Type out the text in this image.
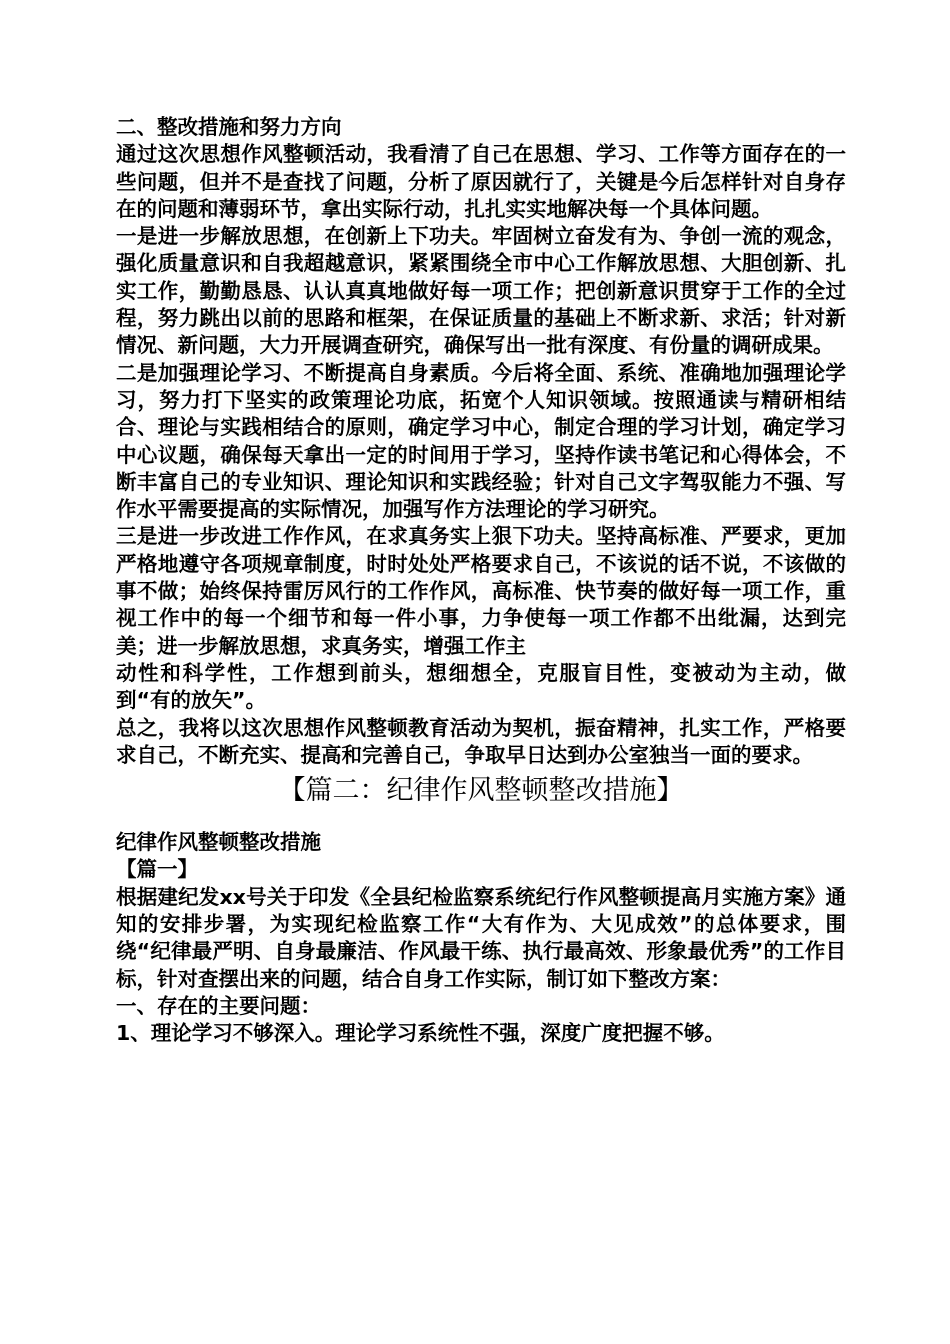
二、整改措施和努力方向

通过这次思想作风整顿活动，我看清了自己在思想、学习、工作等方面存在的一些问题，但并不是查找了问题，分析了原因就行了，关键是今后怎样针对自身存在的问题和薄弱环节，拿出实际行动，扎扎实实地解决每一个具体问题。

一是进一步解放思想，在创新上下功夫。牢固树立奋发有为、争创一流的观念，强化质量意识和自我超越意识，紧紧围绕全市中心工作解放思想、大胆创新、扎实工作，勤勤恳恳、认认真真地做好每一项工作；把创新意识贯穿于工作的全过程，努力跳出以前的思路和框架，在保证质量的基础上不断求新、求活；针对新情况、新问题，大力开展调查研究，确保写出一批有深度、有份量的调研成果。

二是加强理论学习、不断提高自身素质。今后将全面、系统、准确地加强理论学习，努力打下坚实的政策理论功底，拓宽个人知识领域。按照通读与精研相结合、理论与实践相结合的原则，确定学习中心，制定合理的学习计划，确定学习中心议题，确保每天拿出一定的时间用于学习，坚持作读书笔记和心得体会，不断丰富自己的专业知识、理论知识和实践经验；针对自己文字驾驭能力不强、写作水平需要提高的实际情况，加强写作方法理论的学习研究。

三是进一步改进工作作风，在求真务实上狠下功夫。坚持高标准、严要求，更加严格地遵守各项规章制度，时时处处严格要求自己，不该说的话不说，不该做的事不做；始终保持雷厉风行的工作作风，高标准、快节奏的做好每一项工作，重视工作中的每一个细节和每一件小事，力争使每一项工作都不出纰漏，达到完美；进一步解放思想，求真务实，增强工作主

动性和科学性，工作想到前头，想细想全，克服盲目性，变被动为主动，做到“有的放矢”。

总之，我将以这次思想作风整顿教育活动为契机，振奋精神，扎实工作，严格要求自己，不断充实、提高和完善自己，争取早日达到办公室独当一面的要求。

【篇二：纪律作风整顿整改措施】

纪律作风整顿整改措施

【篇一】

根据建纪发xx号关于印发《全县纪检监察系统纪行作风整顿提高月实施方案》通知的安排步署，为实现纪检监察工作“大有作为、大见成效”的总体要求，围绕“纪律最严明、自身最廉洁、作风最干练、执行最高效、形象最优秀”的工作目标，针对查摆出来的问题，结合自身工作实际，制订如下整改方案：

一、存在的主要问题：

1、理论学习不够深入。理论学习系统性不强，深度广度把握不够。
